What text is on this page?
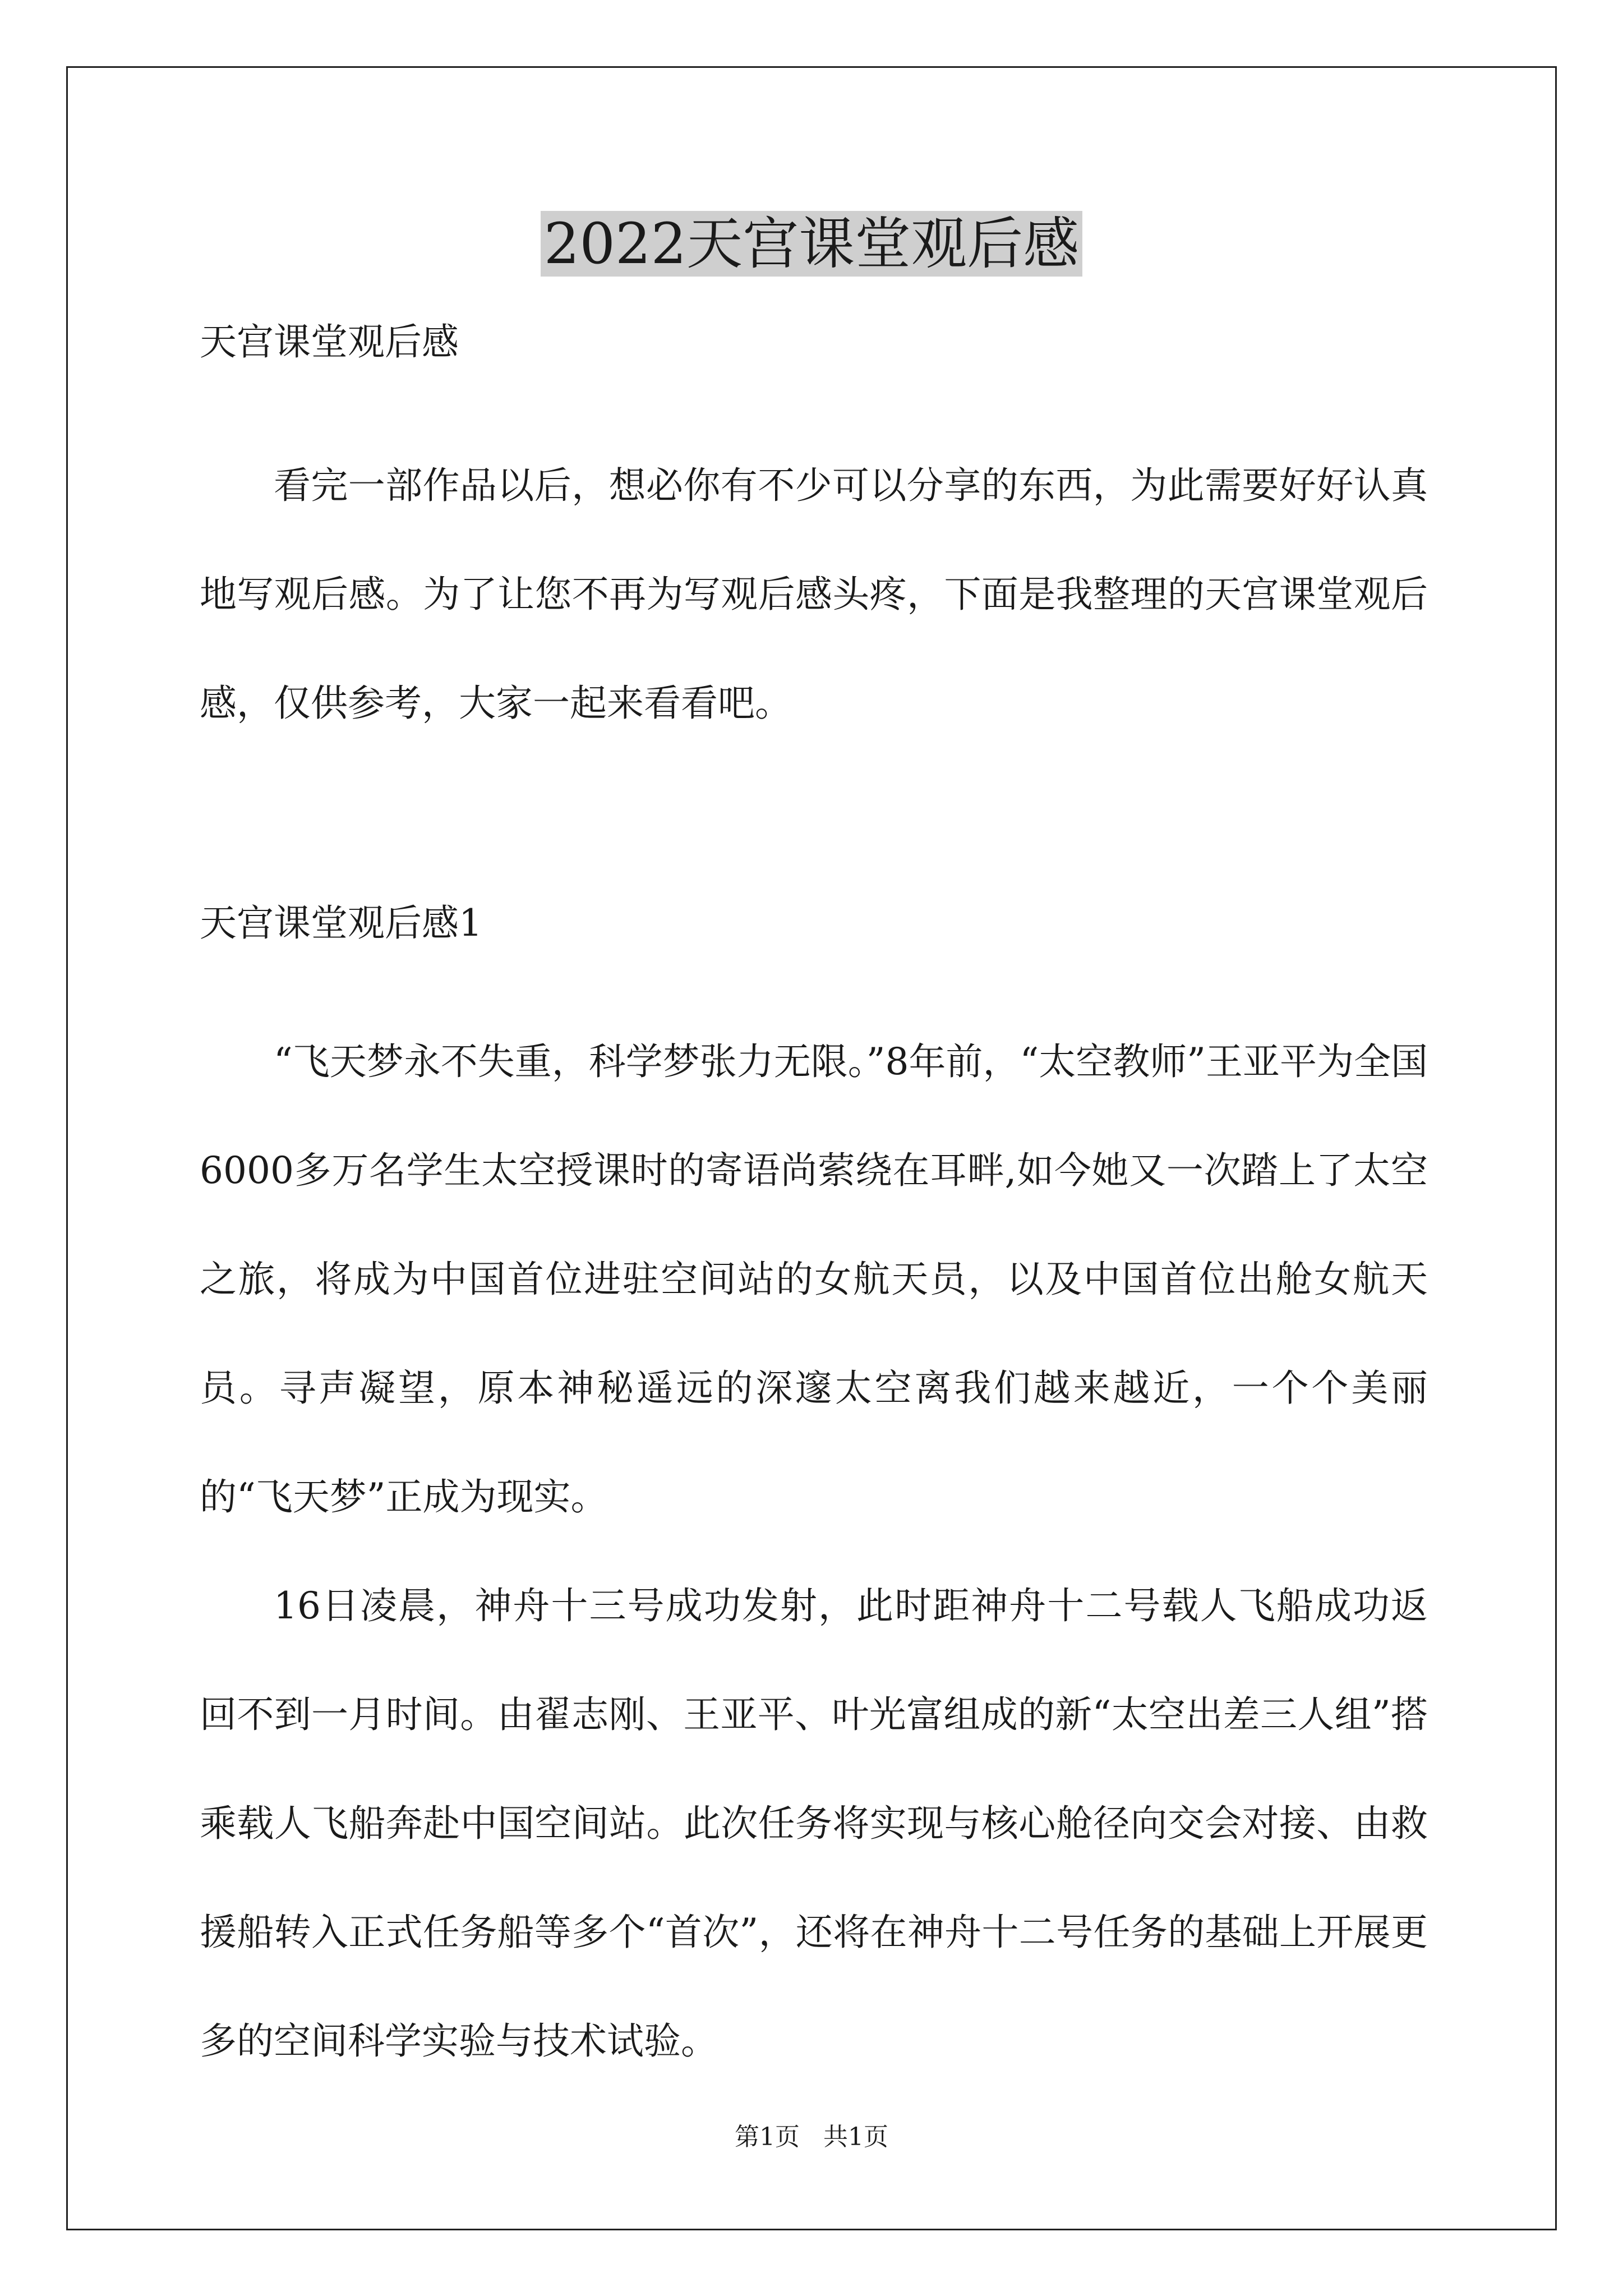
2022天宫课堂观后感

天宫课堂观后感

看完一部作品以后，想必你有不少可以分享的东西，为此需要好好认真地写观后感。为了让您不再为写观后感头疼，下面是我整理的天宫课堂观后感，仅供参考，大家一起来看看吧。

天宫课堂观后感1

“飞天梦永不失重，科学梦张力无限。”8年前，“太空教师”王亚平为全国6000多万名学生太空授课时的寄语尚萦绕在耳畔,如今她又一次踏上了太空之旅，将成为中国首位进驻空间站的女航天员，以及中国首位出舱女航天员。寻声凝望，原本神秘遥远的深邃太空离我们越来越近，一个个美丽的“飞天梦”正成为现实。

16日凌晨，神舟十三号成功发射，此时距神舟十二号载人飞船成功返回不到一月时间。由翟志刚、王亚平、叶光富组成的新“太空出差三人组”搭乘载人飞船奔赴中国空间站。此次任务将实现与核心舱径向交会对接、由救援船转入正式任务船等多个“首次”，还将在神舟十二号任务的基础上开展更多的空间科学实验与技术试验。

第1页   共1页
